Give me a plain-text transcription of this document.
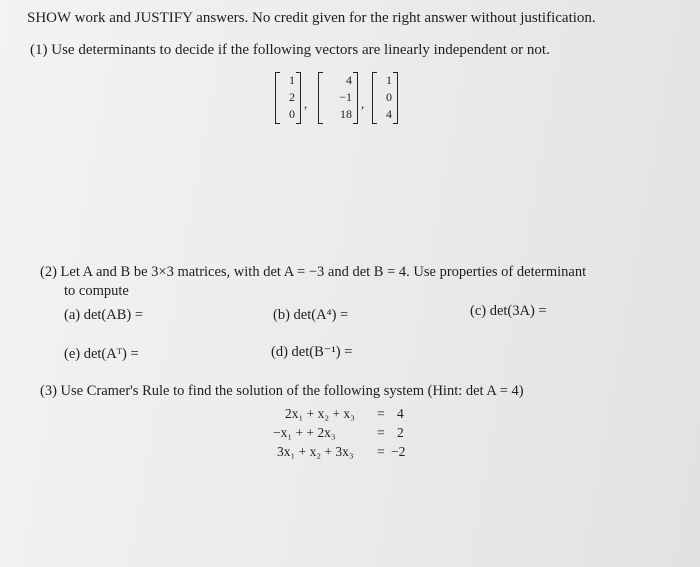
SHOW work and JUSTIFY answers. No credit given for the right answer without justification.
(1) Use determinants to decide if the following vectors are linearly independent or not.
1
2
0
,
4
−1
18
,
1
0
4
(2) Let A and B be 3×3 matrices, with det A = −3 and det B = 4. Use properties of determinant
to compute
(a) det(AB) =	(b) det(A⁴) =	(c) det(3A) =
(e) det(Aᵀ) =	(d) det(B⁻¹) =
(3) Use Cramer's Rule to find the solution of the following system (Hint: det A = 4)
2x₁ + x₂ + x₃ = 4
−x₁ + + 2x₃	= 2
3x₁ + x₂ + 3x₃ = −2
